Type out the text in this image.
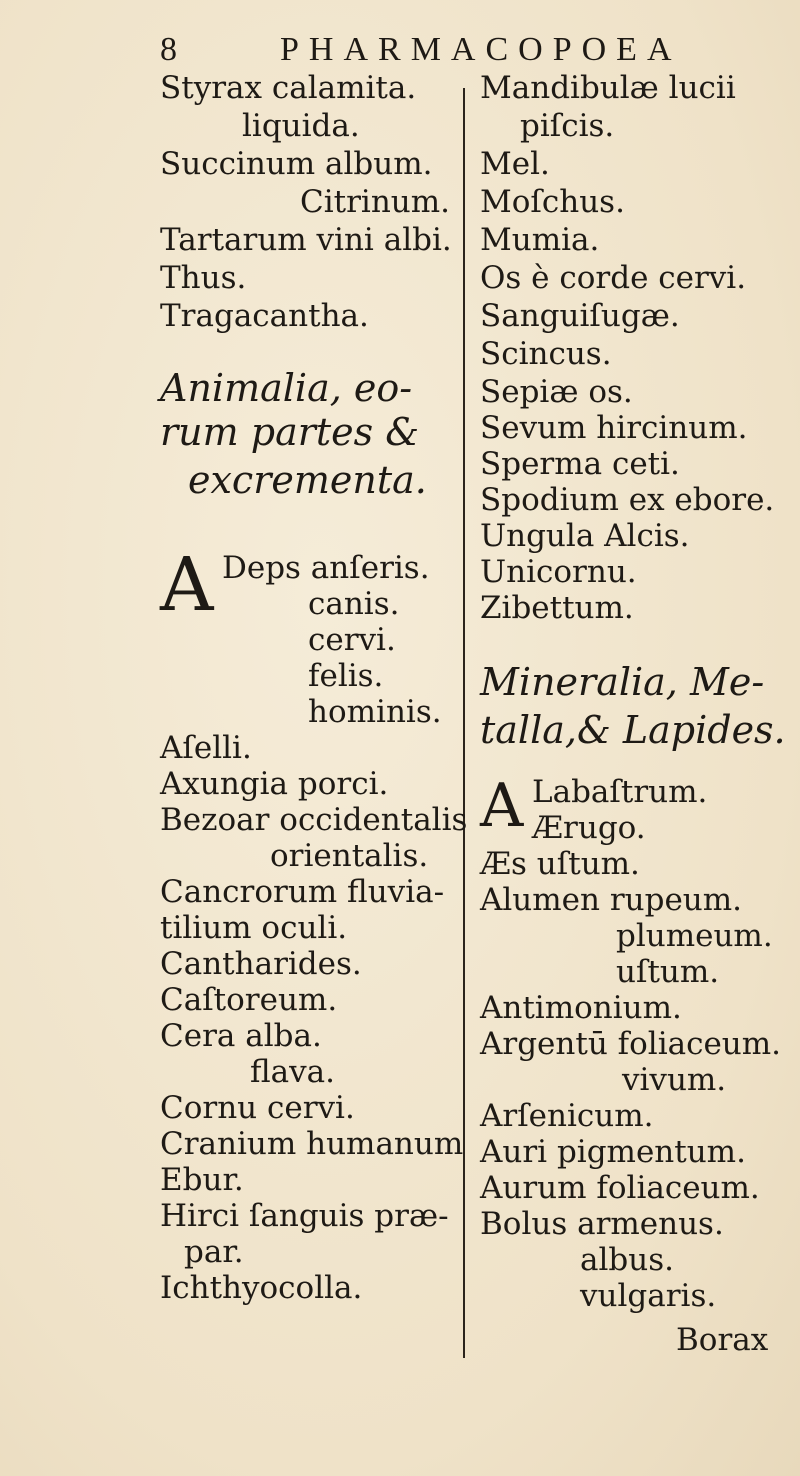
8	PHARMACOPOEA
Styrax calamita.
liquida.
Succinum album.
Citrinum.
Tartarum vini albi.
Thus.
Tragacantha.
Animalia, eo-
rum partes &
excrementa.
A Deps anſeris.
canis.
cervi.
felis.
hominis.
Aſelli.
Axungia porci.
Bezoar occidentalis
orientalis.
Cancrorum fluvia-
tilium oculi.
Cantharides.
Caſtoreum.
Cera alba.
flava.
Cornu cervi.
Cranium humanum
Ebur.
Hirci ſanguis præ-
par.
Ichthyocolla.
Mandibulæ lucii
piſcis.
Mel.
Moſchus.
Mumia.
Os è corde cervi.
Sanguiſugæ.
Scincus.
Sepiæ os.
Sevum hircinum.
Sperma ceti.
Spodium ex ebore.
Ungula Alcis.
Unicornu.
Zibettum.
Mineralia, Me-
talla,& Lapides.
A Labaſtrum.
Ærugo.
Æs uſtum.
Alumen rupeum.
plumeum.
uſtum.
Antimonium.
Argentū foliaceum.
vivum.
Arſenicum.
Auri pigmentum.
Aurum foliaceum.
Bolus armenus.
albus.
vulgaris.
Borax
